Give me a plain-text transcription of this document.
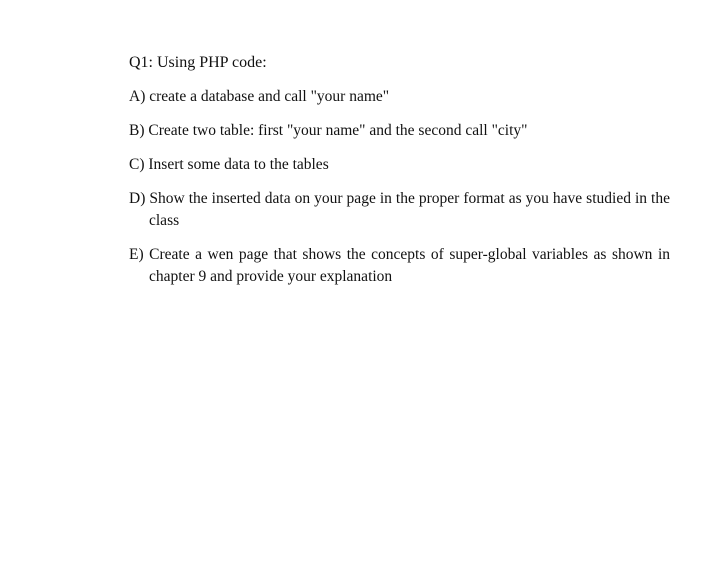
Q1: Using PHP code:
A) create a database and call "your name"
B) Create two table: first "your name" and the second call "city"
C) Insert some data to the tables
D) Show the inserted data on your page in the proper format as you have studied in the class
E) Create a wen page that shows the concepts of super-global variables as shown in chapter 9 and provide your explanation
